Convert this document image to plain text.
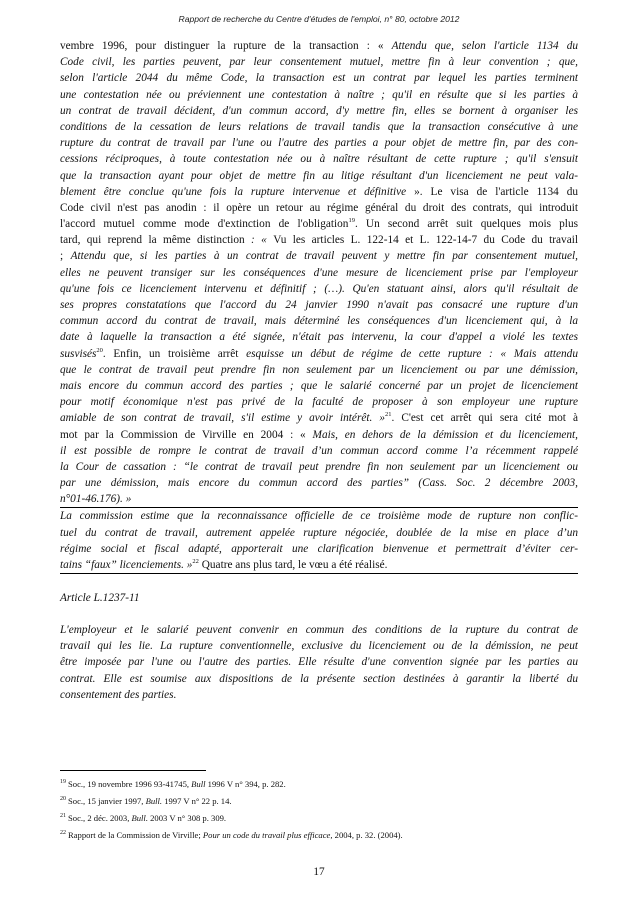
Rapport de recherche du Centre d'études de l'emploi, n° 80, octobre 2012
vembre 1996, pour distinguer la rupture de la transaction : « Attendu que, selon l'article 1134 du
Code civil, les parties peuvent, par leur consentement mutuel, mettre fin à leur convention ; que,
selon l'article 2044 du même Code, la transaction est un contrat par lequel les parties terminent
une contestation née ou préviennent une contestation à naître ; qu'il en résulte que si les parties à
un contrat de travail décident, d'un commun accord, d'y mettre fin, elles se bornent à organiser les
conditions de la cessation de leurs relations de travail tandis que la transaction consécutive à une
rupture du contrat de travail par l'une ou l'autre des parties a pour objet de mettre fin, par des con-
cessions réciproques, à toute contestation née ou à naître résultant de cette rupture ; qu'il s'ensuit
que la transaction ayant pour objet de mettre fin au litige résultant d'un licenciement ne peut vala-
blement être conclue qu'une fois la rupture intervenue et définitive ». Le visa de l'article 1134 du
Code civil n'est pas anodin : il opère un retour au régime général du droit des contrats, qui introduit
l'accord mutuel comme mode d'extinction de l'obligation$^{19}$. Un second arrêt suit quelques mois plus
tard, qui reprend la même distinction : « Vu les articles L. 122-14 et L. 122-14-7 du Code du travail
; Attendu que, si les parties à un contrat de travail peuvent y mettre fin par consentement mutuel,
elles ne peuvent transiger sur les conséquences d'une mesure de licenciement prise par l'employeur
qu'une fois ce licenciement intervenu et définitif ; (…). Qu'en statuant ainsi, alors qu'il résultait de
ses propres constatations que l'accord du 24 janvier 1990 n'avait pas consacré une rupture d'un
commun accord du contrat de travail, mais déterminé les conséquences d'un licenciement qui, à la
date à laquelle la transaction a été signée, n'était pas intervenu, la cour d'appel a violé les textes
susvisés$^{20}$. Enfin, un troisième arrêt esquisse un début de régime de cette rupture : « Mais attendu
que le contrat de travail peut prendre fin non seulement par un licenciement ou par une démission,
mais encore du commun accord des parties ; que le salarié concerné par un projet de licenciement
pour motif économique n'est pas privé de la faculté de proposer à son employeur une rupture
amiable de son contrat de travail, s'il estime y avoir intérêt. »$^{21}$. C'est cet arrêt qui sera cité mot à
mot par la Commission de Virville en 2004 : « Mais, en dehors de la démission et du licenciement,
il est possible de rompre le contrat de travail d’un commun accord comme l’a récemment rappelé
la Cour de cassation : “le contrat de travail peut prendre fin non seulement par un licenciement ou
par une démission, mais encore du commun accord des parties” (Cass. Soc. 2 décembre 2003,
n°01-46.176). »
La commission estime que la reconnaissance officielle de ce troisième mode de rupture non conflic-
tuel du contrat de travail, autrement appelée rupture négociée, doublée de la mise en place d’un
régime social et fiscal adapté, apporterait une clarification bienvenue et permettrait d’éviter cer-
tains “faux” licenciements. »$^{22}$ Quatre ans plus tard, le vœu a été réalisé.
Article L.1237-11
L'employeur et le salarié peuvent convenir en commun des conditions de la rupture du contrat de
travail qui les lie. La rupture conventionnelle, exclusive du licenciement ou de la démission, ne peut
être imposée par l'une ou l'autre des parties. Elle résulte d'une convention signée par les parties au
contrat. Elle est soumise aux dispositions de la présente section destinées à garantir la liberté du
consentement des parties.
$^{19}$ Soc., 19 novembre 1996 93-41745, Bull 1996 V n° 394, p. 282.
$^{20}$ Soc., 15 janvier 1997, Bull. 1997 V n° 22 p. 14.
$^{21}$ Soc., 2 déc. 2003, Bull. 2003 V n° 308 p. 309.
$^{22}$ Rapport de la Commission de Virville; Pour un code du travail plus efficace, 2004, p. 32. (2004).
17
